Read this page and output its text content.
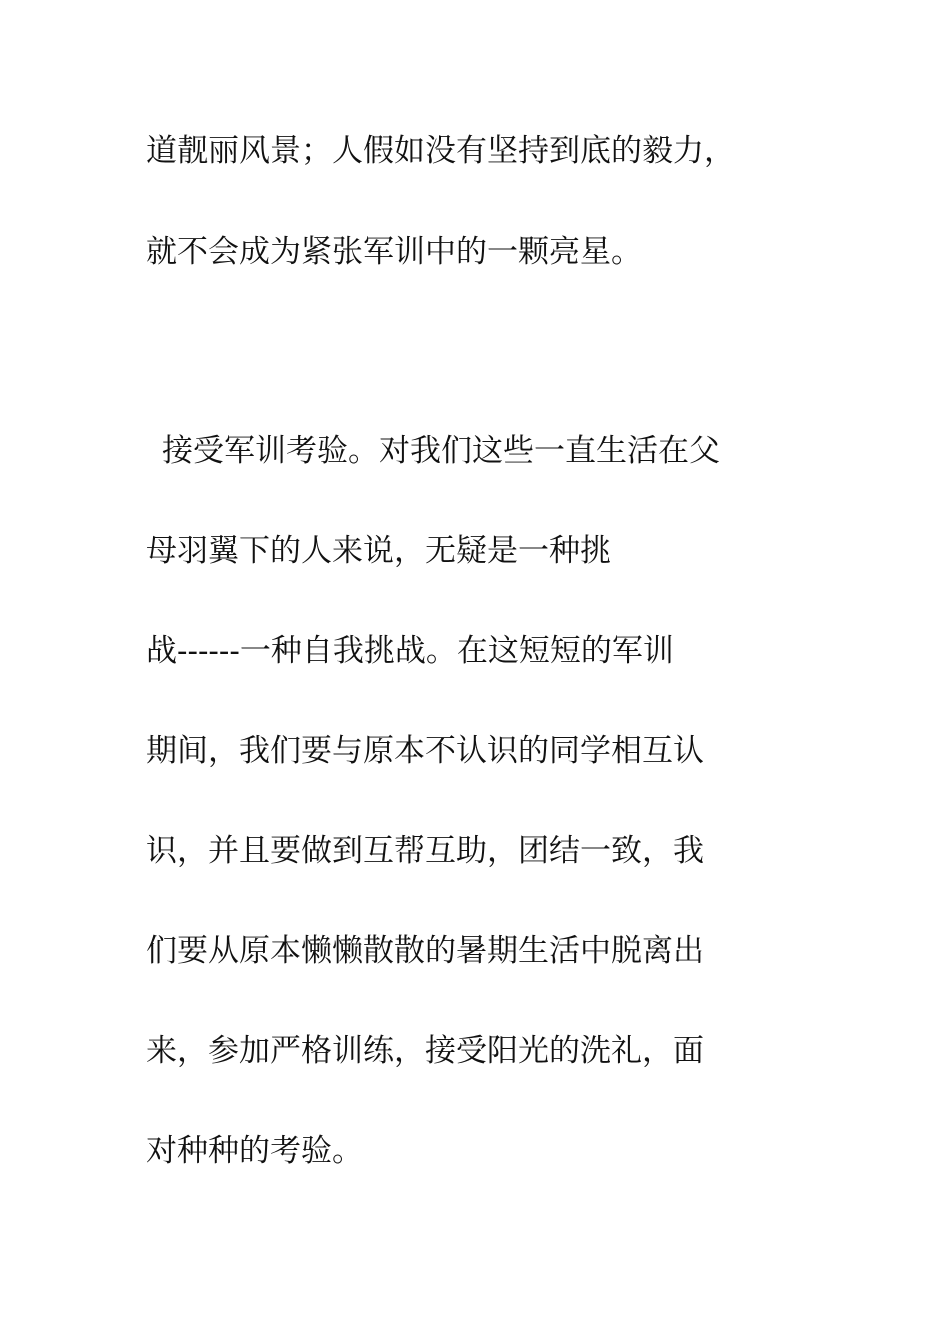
道靓丽风景；人假如没有坚持到底的毅力，

就不会成为紧张军训中的一颗亮星。

接受军训考验。对我们这些一直生活在父

母羽翼下的人来说，无疑是一种挑

战------一种自我挑战。在这短短的军训

期间，我们要与原本不认识的同学相互认

识，并且要做到互帮互助，团结一致，我

们要从原本懒懒散散的暑期生活中脱离出

来，参加严格训练，接受阳光的洗礼，面

对种种的考验。
